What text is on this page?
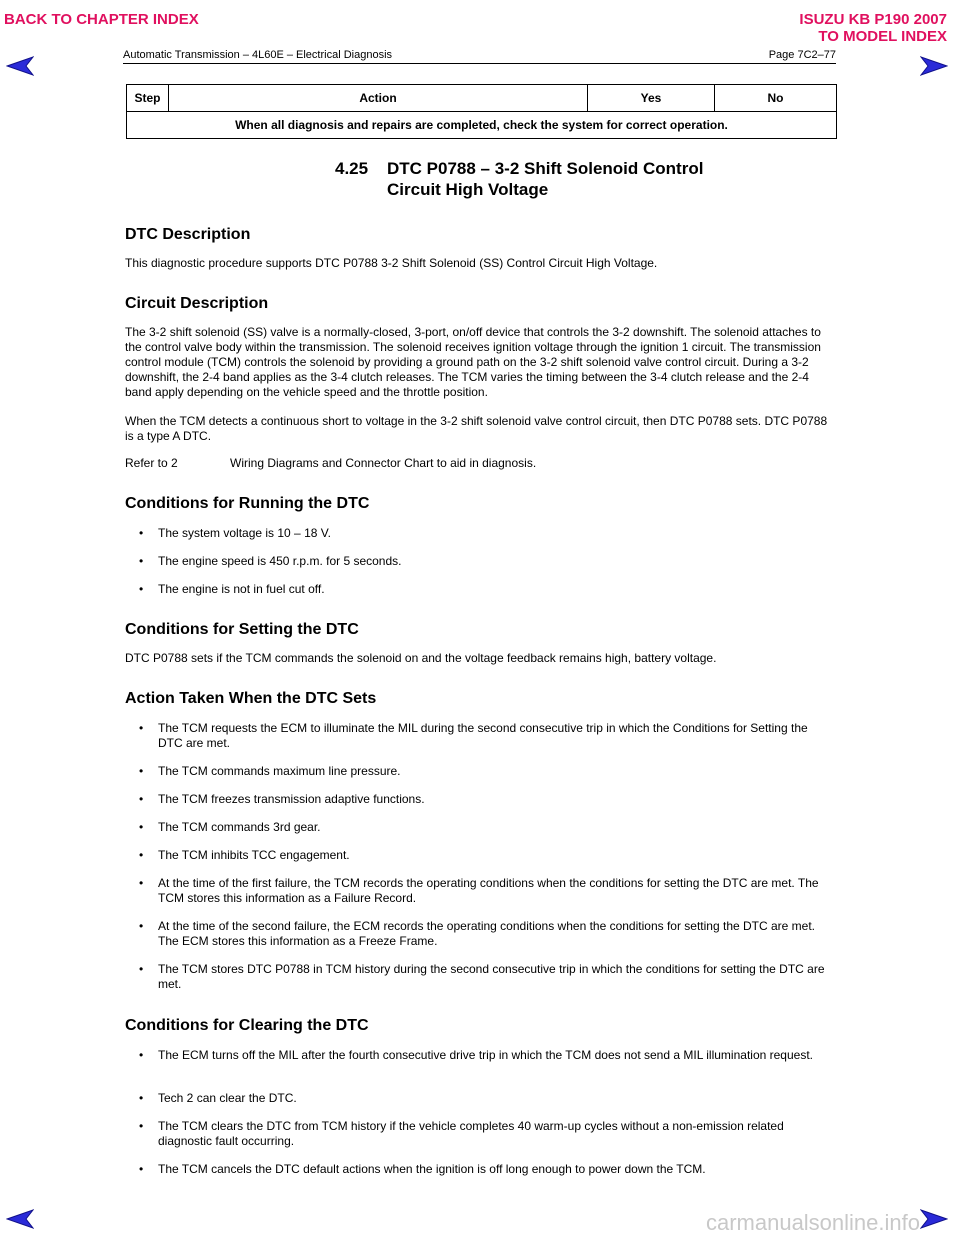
BACK TO CHAPTER INDEX	ISUZU KB P190 2007
TO MODEL INDEX
Automatic Transmission – 4L60E – Electrical Diagnosis	Page 7C2–77
Step	Action	Yes	No
When all diagnosis and repairs are completed, check the system for correct operation.
4.25 DTC P0788 – 3-2 Shift Solenoid Control
Circuit High Voltage
DTC Description

This diagnostic procedure supports DTC P0788 3-2 Shift Solenoid (SS) Control Circuit High Voltage.

Circuit Description

The 3-2 shift solenoid (SS) valve is a normally-closed, 3-port, on/off device that controls the 3-2 downshift. The solenoid attaches to the control valve body within the transmission. The solenoid receives ignition voltage through the ignition 1 circuit. The transmission control module (TCM) controls the solenoid by providing a ground path on the 3-2 shift solenoid valve control circuit. During a 3-2 downshift, the 2-4 band applies as the 3-4 clutch releases. The TCM varies the timing between the 3-4 clutch release and the 2-4 band apply depending on the vehicle speed and the throttle position.

When the TCM detects a continuous short to voltage in the 3-2 shift solenoid valve control circuit, then DTC P0788 sets. DTC P0788 is a type A DTC.

Refer to 2	Wiring Diagrams and Connector Chart to aid in diagnosis.
Conditions for Running the DTC
• The system voltage is 10 – 18 V.
• The engine speed is 450 r.p.m. for 5 seconds.
• The engine is not in fuel cut off.
Conditions for Setting the DTC

DTC P0788 sets if the TCM commands the solenoid on and the voltage feedback remains high, battery voltage.

Action Taken When the DTC Sets
• The TCM requests the ECM to illuminate the MIL during the second consecutive trip in which the Conditions for Setting the DTC are met.
• The TCM commands maximum line pressure.
• The TCM freezes transmission adaptive functions.
• The TCM commands 3rd gear.
• The TCM inhibits TCC engagement.
• At the time of the first failure, the TCM records the operating conditions when the conditions for setting the DTC are met. The TCM stores this information as a Failure Record.
• At the time of the second failure, the ECM records the operating conditions when the conditions for setting the DTC are met. The ECM stores this information as a Freeze Frame.
• The TCM stores DTC P0788 in TCM history during the second consecutive trip in which the conditions for setting the DTC are met.
Conditions for Clearing the DTC
• The ECM turns off the MIL after the fourth consecutive drive trip in which the TCM does not send a MIL illumination request.
• Tech 2 can clear the DTC.
• The TCM clears the DTC from TCM history if the vehicle completes 40 warm-up cycles without a non-emission related diagnostic fault occurring.
• The TCM cancels the DTC default actions when the ignition is off long enough to power down the TCM.
carmanualsonline.info
